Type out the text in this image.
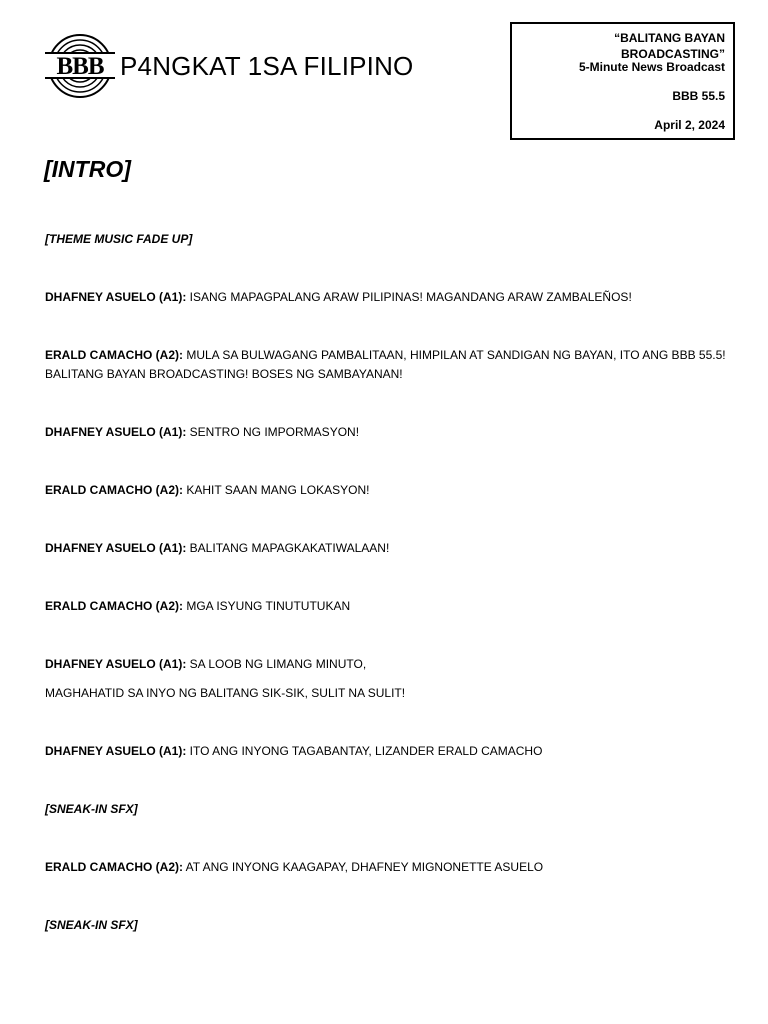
BBB P4NGKAT 1SA FILIPINO
“BALITANG BAYAN BROADCASTING”
5-Minute News Broadcast
BBB 55.5
April 2, 2024
[INTRO]
[THEME MUSIC FADE UP]
DHAFNEY ASUELO (A1): ISANG MAPAGPALANG ARAW PILIPINAS! MAGANDANG ARAW ZAMBALEÑOS!
ERALD CAMACHO (A2): MULA SA BULWAGANG PAMBALITAAN, HIMPILAN AT SANDIGAN NG BAYAN, ITO ANG BBB 55.5! BALITANG BAYAN BROADCASTING! BOSES NG SAMBAYANAN!
DHAFNEY ASUELO (A1): SENTRO NG IMPORMASYON!
ERALD CAMACHO (A2): KAHIT SAAN MANG LOKASYON!
DHAFNEY ASUELO (A1): BALITANG MAPAGKAKATIWALAAN!
ERALD CAMACHO (A2): MGA ISYUNG TINUTUTUKAN
DHAFNEY ASUELO (A1): SA LOOB NG LIMANG MINUTO,
MAGHAHATID SA INYO NG BALITANG SIK-SIK, SULIT NA SULIT!
DHAFNEY ASUELO (A1): ITO ANG INYONG TAGABANTAY, LIZANDER ERALD CAMACHO
[SNEAK-IN SFX]
ERALD CAMACHO (A2): AT ANG INYONG KAAGAPAY, DHAFNEY MIGNONETTE ASUELO
[SNEAK-IN SFX]
